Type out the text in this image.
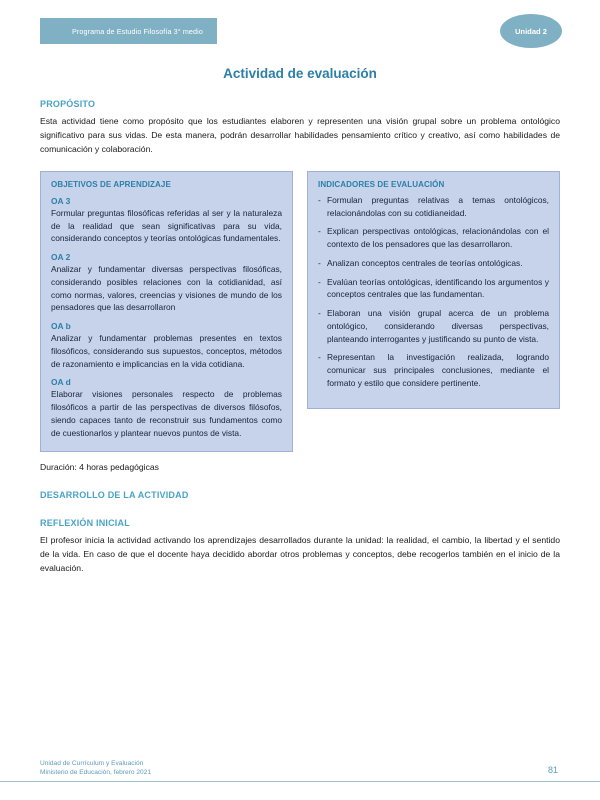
Programa de Estudio Filosofía 3° medio	Unidad 2
Actividad de evaluación
PROPÓSITO
Esta actividad tiene como propósito que los estudiantes elaboren y representen una visión grupal sobre un problema ontológico significativo para sus vidas. De esta manera, podrán desarrollar habilidades pensamiento crítico y creativo, así como habilidades de comunicación y colaboración.
OBJETIVOS DE APRENDIZAJE
OA 3
Formular preguntas filosóficas referidas al ser y la naturaleza de la realidad que sean significativas para su vida, considerando conceptos y teorías ontológicas fundamentales.
OA 2
Analizar y fundamentar diversas perspectivas filosóficas, considerando posibles relaciones con la cotidianidad, así como normas, valores, creencias y visiones de mundo de los pensadores que las desarrollaron
OA b
Analizar y fundamentar problemas presentes en textos filosóficos, considerando sus supuestos, conceptos, métodos de razonamiento e implicancias en la vida cotidiana.
OA d
Elaborar visiones personales respecto de problemas filosóficos a partir de las perspectivas de diversos filósofos, siendo capaces tanto de reconstruir sus fundamentos como de cuestionarlos y plantear nuevos puntos de vista.
INDICADORES DE EVALUACIÓN
- Formulan preguntas relativas a temas ontológicos, relacionándolas con su cotidianeidad.
- Explican perspectivas ontológicas, relacionándolas con el contexto de los pensadores que las desarrollaron.
- Analizan conceptos centrales de teorías ontológicas.
- Evalúan teorías ontológicas, identificando los argumentos y conceptos centrales que las fundamentan.
- Elaboran una visión grupal acerca de un problema ontológico, considerando diversas perspectivas, planteando interrogantes y justificando su punto de vista.
- Representan la investigación realizada, logrando comunicar sus principales conclusiones, mediante el formato y estilo que considere pertinente.
Duración: 4 horas pedagógicas
DESARROLLO DE LA ACTIVIDAD
REFLEXIÓN INICIAL
El profesor inicia la actividad activando los aprendizajes desarrollados durante la unidad: la realidad, el cambio, la libertad y el sentido de la vida. En caso de que el docente haya decidido abordar otros problemas y conceptos, debe recogerlos también en el inicio de la evaluación.
Unidad de Currículum y Evaluación
Ministerio de Educación, febrero 2021	81
